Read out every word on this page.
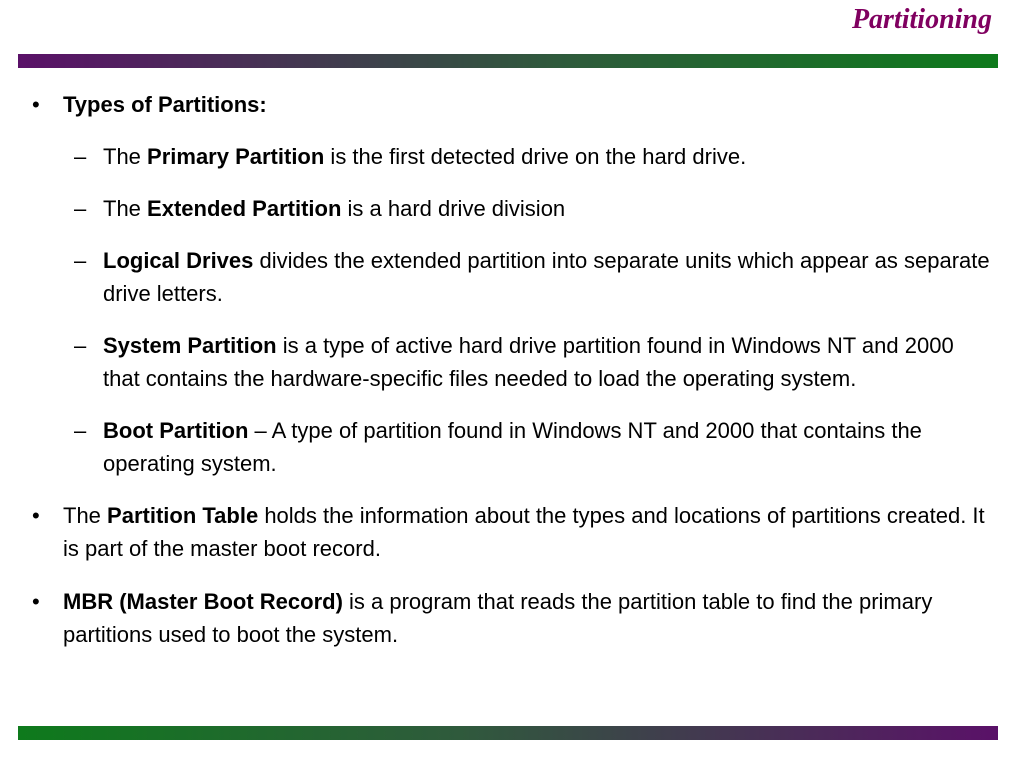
Partitioning
• Types of Partitions:
– The Primary Partition is the first detected drive on the hard drive.
– The Extended Partition is a hard drive division
– Logical Drives divides the extended partition into separate units which appear as separate drive letters.
– System Partition is a type of active hard drive partition found in Windows NT and 2000 that contains the hardware-specific files needed to load the operating system.
– Boot Partition – A type of partition found in Windows NT and 2000 that contains the operating system.
• The Partition Table holds the information about the types and locations of partitions created. It is part of the master boot record.
• MBR (Master Boot Record) is a program that reads the partition table to find the primary partitions used to boot the system.
